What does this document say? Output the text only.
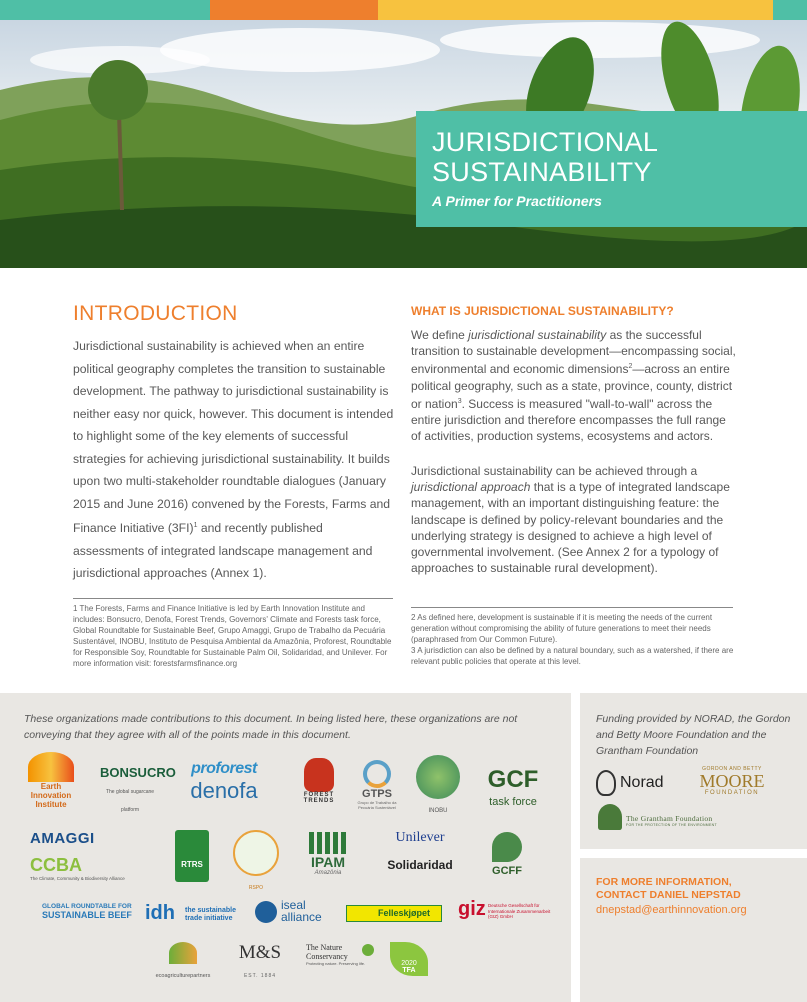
JURISDICTIONAL
SUSTAINABILITY
A Primer for Practitioners
INTRODUCTION
Jurisdictional sustainability is achieved when an entire political geography completes the transition to sustainable development. The pathway to jurisdictional sustainability is neither easy nor quick, however. This document is intended to highlight some of the key elements of successful strategies for achieving jurisdictional sustainability. It builds upon two multi-stakeholder roundtable dialogues (January 2015 and June 2016) convened by the Forests, Farms and Finance Initiative $(3FI)^1$ and recently published assessments of integrated landscape management and jurisdictional approaches (Annex 1).
1 The Forests, Farms and Finance Initiative is led by Earth Innovation Institute and includes: Bonsucro, Denofa, Forest Trends, Governors' Climate and Forests task force, Global Roundtable for Sustainable Beef, Grupo Amaggi, Grupo de Trabalho da Pecuária Sustentável, INOBU, Instituto de Pesquisa Ambiental da Amazônia, Proforest, Roundtable for Responsible Soy, Roundtable for Sustainable Palm Oil, Solidaridad, and Unilever. For more information visit: forestsfarmsfinance.org
WHAT IS JURISDICTIONAL SUSTAINABILITY?
We define jurisdictional sustainability as the successful transition to sustainable development—encompassing social, environmental and economic dimensions$^2$—across an entire political geography, such as a state, province, county, district or nation$^3$. Success is measured "wall-to-wall" across the entire jurisdiction and therefore encompasses the full range of activities, production systems, ecosystems and actors.
Jurisdictional sustainability can be achieved through a jurisdictional approach that is a type of integrated landscape management, with an important distinguishing feature: the landscape is defined by policy-relevant boundaries and the underlying strategy is designed to achieve a high level of governmental involvement. (See Annex 2 for a typology of approaches to sustainable rural development).
2 As defined here, development is sustainable if it is meeting the needs of the current generation without compromising the ability of future generations to meet their needs (paraphrased from Our Common Future).
3 A jurisdiction can also be defined by a natural boundary, such as a watershed, if there are relevant public policies that operate at this level.
These organizations made contributions to this document. In being listed here, these organizations are not conveying that they agree with all of the points made in this document.
Earth Innovation Institute
BONSUCRO
The global sugarcane platform
proforest
denofa	FOREST TRENDS
GTPS
Grupo de Trabalho da Pecuária Sustentável
INOBU
GCF
task force
AMAGGI
CCBA
The Climate, Community & Biodiversity Alliance
RTRS
RSPO
IPAM
Amazônia
Unilever
Solidaridad	GCFF
GLOBAL ROUNDTABLE FOR
SUSTAINABLE BEEF idh the sustainable
trade initiative
iseal
alliance	Felleskjøpet	giz Deutsche Gesellschaft für Internationale Zusammenarbeit (GIZ) GmbH
ecoagriculturepartners
M&S
EST. 1884
The Nature
Conservancy
Protecting nature. Preserving life.	2020
TFA
Funding provided by NORAD, the Gordon and Betty Moore Foundation and the Grantham Foundation
Norad
GORDON AND BETTY
MOORE
FOUNDATION
The Grantham Foundation
FOR THE PROTECTION OF THE ENVIRONMENT
FOR MORE INFORMATION,
CONTACT DANIEL NEPSTAD
dnepstad@earthinnovation.org
